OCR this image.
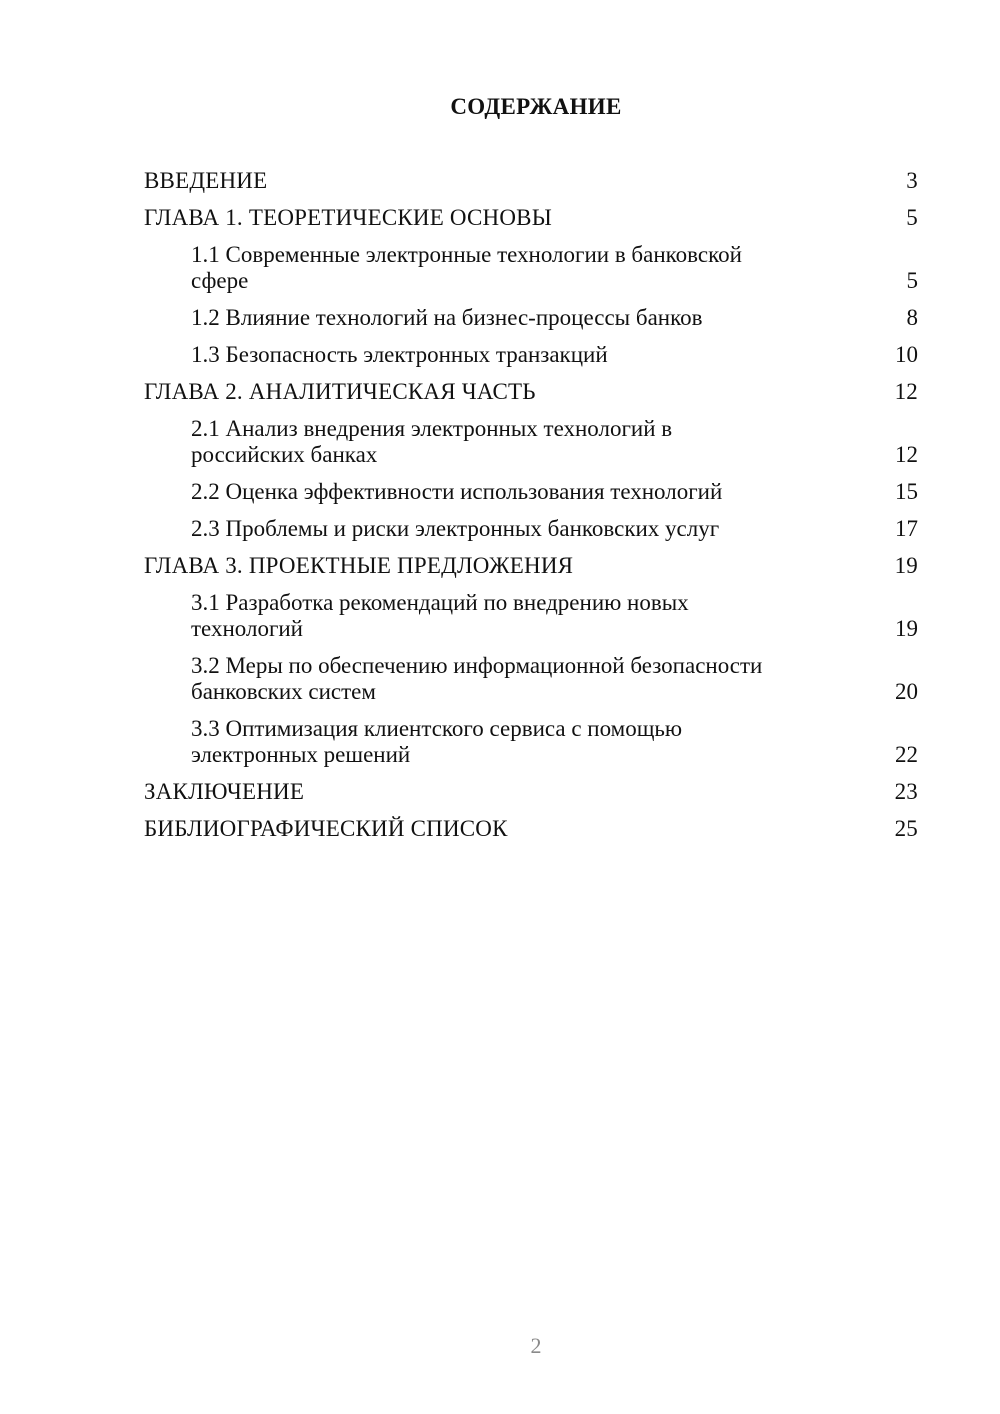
СОДЕРЖАНИЕ
ВВЕДЕНИЕ	3
ГЛАВА 1. ТЕОРЕТИЧЕСКИЕ ОСНОВЫ	5
1.1 Современные электронные технологии в банковской сфере	5
1.2 Влияние технологий на бизнес-процессы банков	8
1.3 Безопасность электронных транзакций	10
ГЛАВА 2. АНАЛИТИЧЕСКАЯ ЧАСТЬ	12
2.1 Анализ внедрения электронных технологий в российских банках	12
2.2 Оценка эффективности использования технологий	15
2.3 Проблемы и риски электронных банковских услуг	17
ГЛАВА 3. ПРОЕКТНЫЕ ПРЕДЛОЖЕНИЯ	19
3.1 Разработка рекомендаций по внедрению новых технологий	19
3.2 Меры по обеспечению информационной безопасности банковских систем	20
3.3 Оптимизация клиентского сервиса с помощью электронных решений	22
ЗАКЛЮЧЕНИЕ	23
БИБЛИОГРАФИЧЕСКИЙ СПИСОК	25
2
